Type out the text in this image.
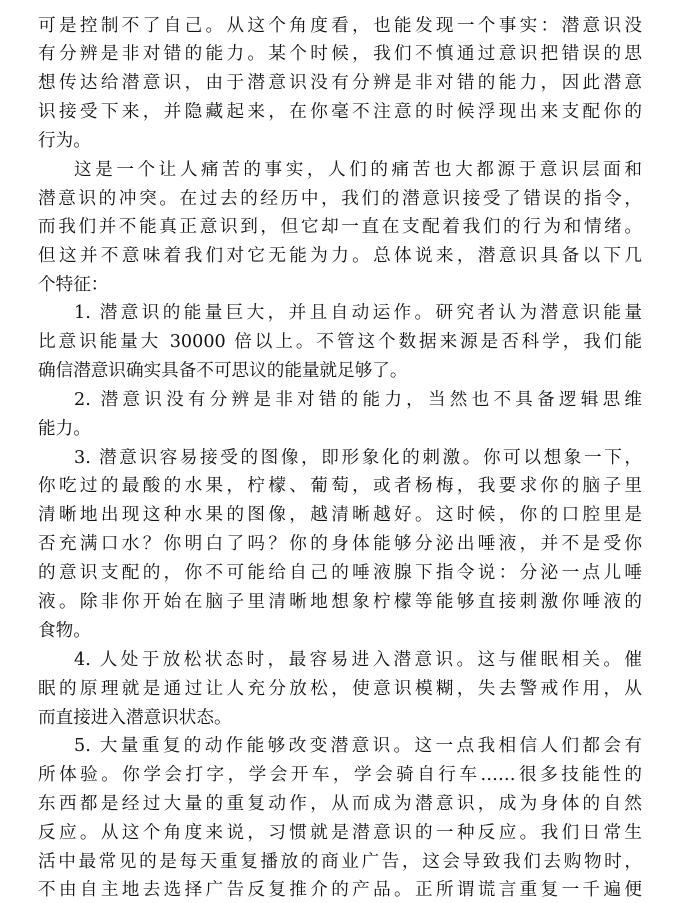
可是控制不了自己。从这个角度看，也能发现一个事实：潜意识没
有分辨是非对错的能力。某个时候，我们不慎通过意识把错误的思
想传达给潜意识，由于潜意识没有分辨是非对错的能力，因此潜意
识接受下来，并隐藏起来，在你毫不注意的时候浮现出来支配你的
行为。
这是一个让人痛苦的事实，人们的痛苦也大都源于意识层面和
潜意识的冲突。在过去的经历中，我们的潜意识接受了错误的指令，
而我们并不能真正意识到，但它却一直在支配着我们的行为和情绪。
但这并不意味着我们对它无能为力。总体说来，潜意识具备以下几
个特征：
1. 潜意识的能量巨大，并且自动运作。研究者认为潜意识能量
比意识能量大 30000 倍以上。不管这个数据来源是否科学，我们能
确信潜意识确实具备不可思议的能量就足够了。
2. 潜意识没有分辨是非对错的能力，当然也不具备逻辑思维
能力。
3. 潜意识容易接受的图像，即形象化的刺激。你可以想象一下，
你吃过的最酸的水果，柠檬、葡萄，或者杨梅，我要求你的脑子里
清晰地出现这种水果的图像，越清晰越好。这时候，你的口腔里是
否充满口水？你明白了吗？你的身体能够分泌出唾液，并不是受你
的意识支配的，你不可能给自己的唾液腺下指令说：分泌一点儿唾
液。除非你开始在脑子里清晰地想象柠檬等能够直接刺激你唾液的
食物。
4. 人处于放松状态时，最容易进入潜意识。这与催眠相关。催
眠的原理就是通过让人充分放松，使意识模糊，失去警戒作用，从
而直接进入潜意识状态。
5. 大量重复的动作能够改变潜意识。这一点我相信人们都会有
所体验。你学会打字，学会开车，学会骑自行车……很多技能性的
东西都是经过大量的重复动作，从而成为潜意识，成为身体的自然
反应。从这个角度来说，习惯就是潜意识的一种反应。我们日常生
活中最常见的是每天重复播放的商业广告，这会导致我们去购物时，
不由自主地去选择广告反复推介的产品。正所谓谎言重复一千遍便
